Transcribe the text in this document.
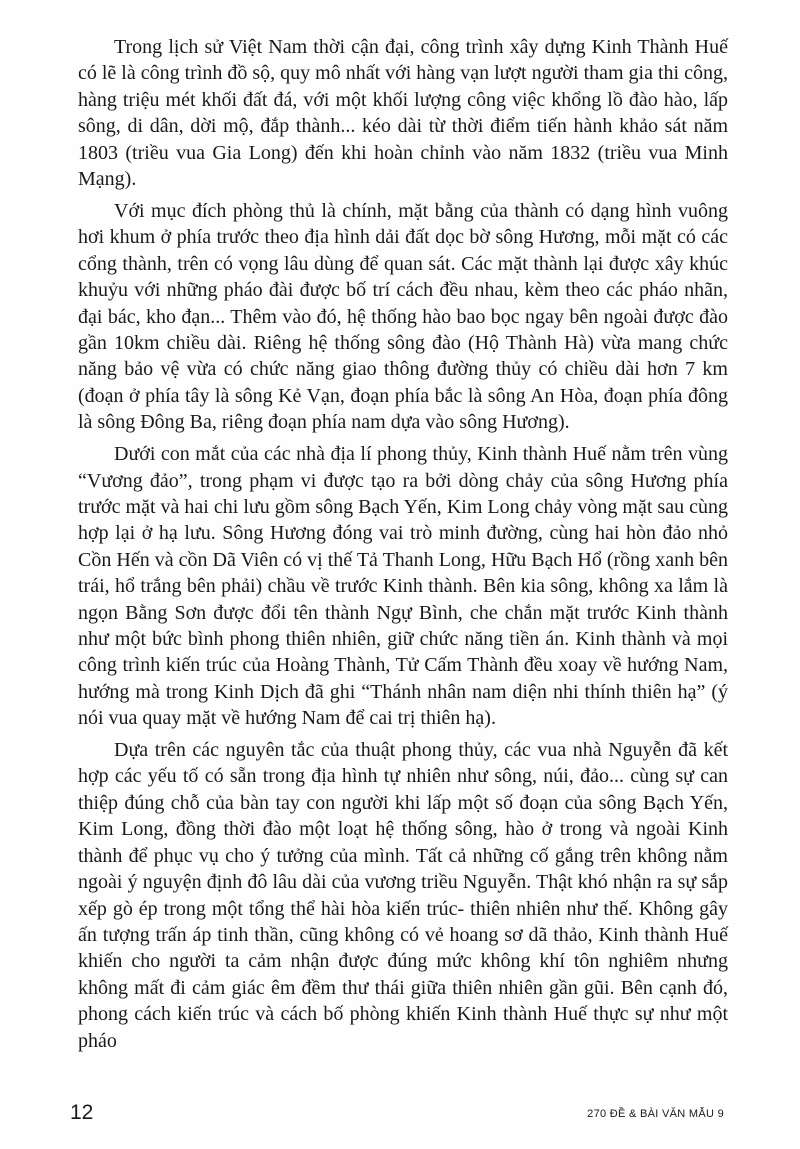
Trong lịch sử Việt Nam thời cận đại, công trình xây dựng Kinh Thành Huế có lẽ là công trình đồ sộ, quy mô nhất với hàng vạn lượt người tham gia thi công, hàng triệu mét khối đất đá, với một khối lượng công việc khổng lồ đào hào, lấp sông, di dân, dời mộ, đắp thành... kéo dài từ thời điểm tiến hành khảo sát năm 1803 (triều vua Gia Long) đến khi hoàn chỉnh vào năm 1832 (triều vua Minh Mạng).

Với mục đích phòng thủ là chính, mặt bằng của thành có dạng hình vuông hơi khum ở phía trước theo địa hình dải đất dọc bờ sông Hương, mỗi mặt có các cổng thành, trên có vọng lâu dùng để quan sát. Các mặt thành lại được xây khúc khuỷu với những pháo đài được bố trí cách đều nhau, kèm theo các pháo nhãn, đại bác, kho đạn... Thêm vào đó, hệ thống hào bao bọc ngay bên ngoài được đào gần 10km chiều dài. Riêng hệ thống sông đào (Hộ Thành Hà) vừa mang chức năng bảo vệ vừa có chức năng giao thông đường thủy có chiều dài hơn 7 km (đoạn ở phía tây là sông Kẻ Vạn, đoạn phía bắc là sông An Hòa, đoạn phía đông là sông Đông Ba, riêng đoạn phía nam dựa vào sông Hương).

Dưới con mắt của các nhà địa lí phong thủy, Kinh thành Huế nằm trên vùng “Vương đảo”, trong phạm vi được tạo ra bởi dòng chảy của sông Hương phía trước mặt và hai chi lưu gồm sông Bạch Yến, Kim Long chảy vòng mặt sau cùng hợp lại ở hạ lưu. Sông Hương đóng vai trò minh đường, cùng hai hòn đảo nhỏ Cồn Hến và cồn Dã Viên có vị thế Tả Thanh Long, Hữu Bạch Hổ (rồng xanh bên trái, hổ trắng bên phải) chầu về trước Kinh thành. Bên kia sông, không xa lắm là ngọn Bằng Sơn được đổi tên thành Ngự Bình, che chắn mặt trước Kinh thành như một bức bình phong thiên nhiên, giữ chức năng tiền án. Kinh thành và mọi công trình kiến trúc của Hoàng Thành, Tử Cấm Thành đều xoay về hướng Nam, hướng mà trong Kinh Dịch đã ghi “Thánh nhân nam diện nhi thính thiên hạ” (ý nói vua quay mặt về hướng Nam để cai trị thiên hạ).

Dựa trên các nguyên tắc của thuật phong thủy, các vua nhà Nguyễn đã kết hợp các yếu tố có sẵn trong địa hình tự nhiên như sông, núi, đảo... cùng sự can thiệp đúng chỗ của bàn tay con người khi lấp một số đoạn của sông Bạch Yến, Kim Long, đồng thời đào một loạt hệ thống sông, hào ở trong và ngoài Kinh thành để phục vụ cho ý tưởng của mình. Tất cả những cố gắng trên không nằm ngoài ý nguyện định đô lâu dài của vương triều Nguyễn. Thật khó nhận ra sự sắp xếp gò ép trong một tổng thể hài hòa kiến trúc- thiên nhiên như thế. Không gây ấn tượng trấn áp tinh thần, cũng không có vẻ hoang sơ dã thảo, Kinh thành Huế khiến cho người ta cảm nhận được đúng mức không khí tôn nghiêm nhưng không mất đi cảm giác êm đềm thư thái giữa thiên nhiên gần gũi. Bên cạnh đó, phong cách kiến trúc và cách bố phòng khiến Kinh thành Huế thực sự như một pháo

12	270 ĐỀ & BÀI VĂN MẪU 9
